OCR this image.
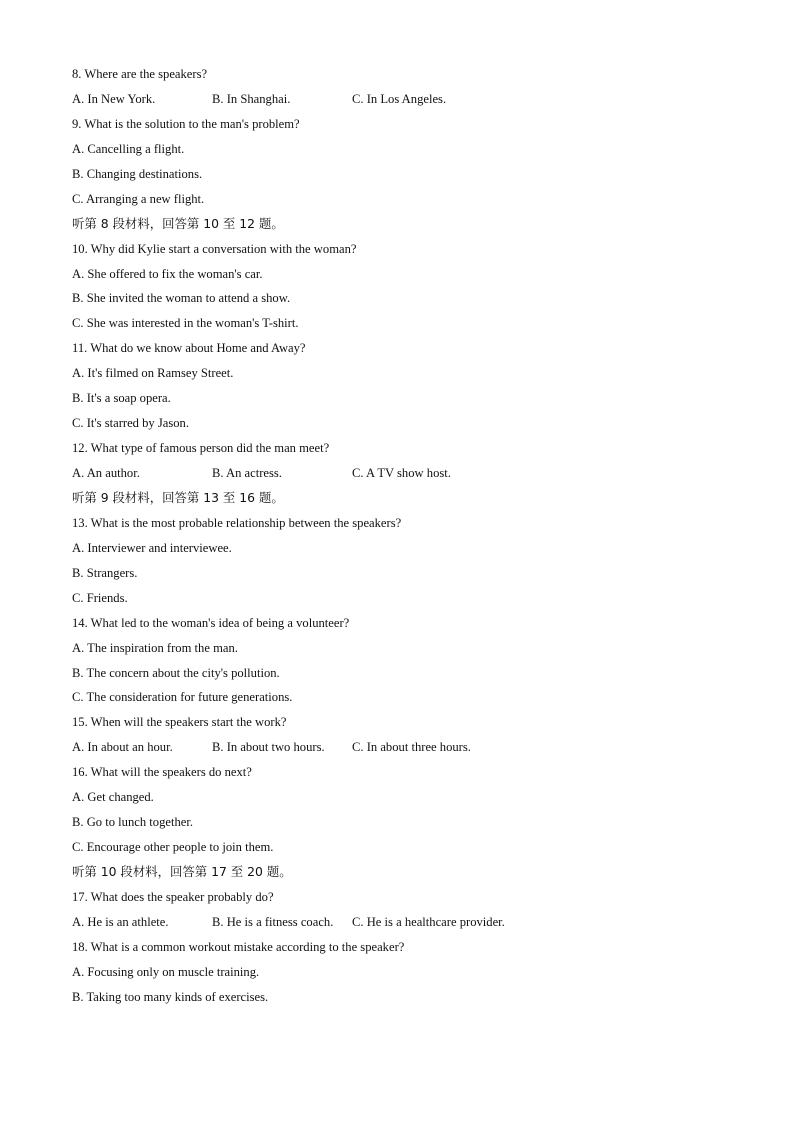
8. Where are the speakers?
A. In New York.	B. In Shanghai.	C. In Los Angeles.
9. What is the solution to the man's problem?
A. Cancelling a flight.
B. Changing destinations.
C. Arranging a new flight.
听第 8 段材料，回答第 10 至 12 题。
10. Why did Kylie start a conversation with the woman?
A. She offered to fix the woman's car.
B. She invited the woman to attend a show.
C. She was interested in the woman's T-shirt.
11. What do we know about Home and Away?
A. It's filmed on Ramsey Street.
B. It's a soap opera.
C. It's starred by Jason.
12. What type of famous person did the man meet?
A. An author.	B. An actress.	C. A TV show host.
听第 9 段材料，回答第 13 至 16 题。
13. What is the most probable relationship between the speakers?
A. Interviewer and interviewee.
B. Strangers.
C. Friends.
14. What led to the woman's idea of being a volunteer?
A. The inspiration from the man.
B. The concern about the city's pollution.
C. The consideration for future generations.
15. When will the speakers start the work?
A. In about an hour.	B. In about two hours. C. In about three hours.
16. What will the speakers do next?
A. Get changed.
B. Go to lunch together.
C. Encourage other people to join them.
听第 10 段材料，回答第 17 至 20 题。
17. What does the speaker probably do?
A. He is an athlete.	B. He is a fitness coach. C. He is a healthcare provider.
18. What is a common workout mistake according to the speaker?
A. Focusing only on muscle training.
B. Taking too many kinds of exercises.
